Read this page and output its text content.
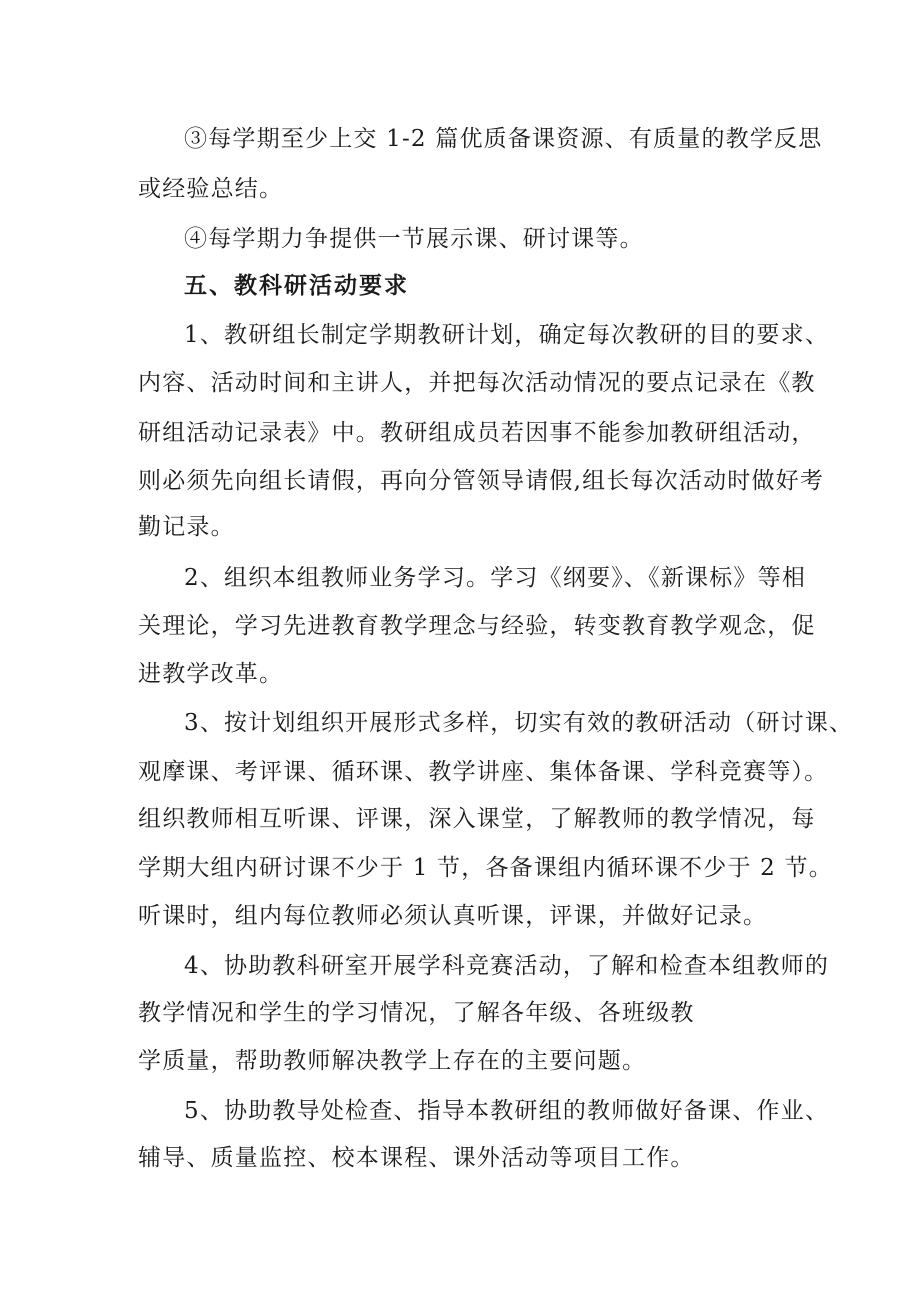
③每学期至少上交 1-2 篇优质备课资源、有质量的教学反思
或经验总结。
④每学期力争提供一节展示课、研讨课等。
五、教科研活动要求
1、教研组长制定学期教研计划，确定每次教研的目的要求、
内容、活动时间和主讲人，并把每次活动情况的要点记录在《教
研组活动记录表》中。教研组成员若因事不能参加教研组活动，
则必须先向组长请假，再向分管领导请假,组长每次活动时做好考
勤记录。
2、组织本组教师业务学习。学习《纲要》、《新课标》等相
关理论，学习先进教育教学理念与经验，转变教育教学观念，促
进教学改革。
3、按计划组织开展形式多样，切实有效的教研活动（研讨课、
观摩课、考评课、循环课、教学讲座、集体备课、学科竞赛等）。
组织教师相互听课、评课，深入课堂，了解教师的教学情况，每
学期大组内研讨课不少于 1 节，各备课组内循环课不少于 2 节。
听课时，组内每位教师必须认真听课，评课，并做好记录。
4、协助教科研室开展学科竞赛活动，了解和检查本组教师的
教学情况和学生的学习情况，了解各年级、各班级教
学质量，帮助教师解决教学上存在的主要问题。
5、协助教导处检查、指导本教研组的教师做好备课、作业、
辅导、质量监控、校本课程、课外活动等项目工作。
